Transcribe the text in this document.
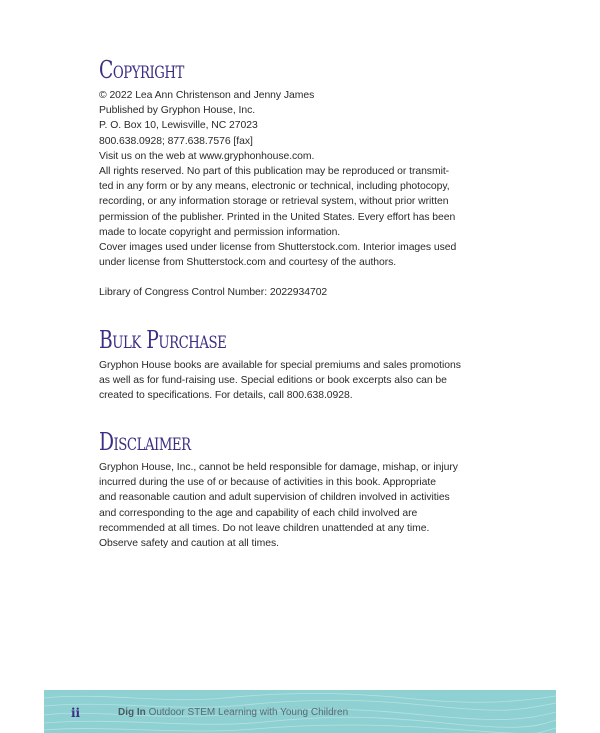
Copyright
© 2022 Lea Ann Christenson and Jenny James
Published by Gryphon House, Inc.
P. O. Box 10, Lewisville, NC 27023
800.638.0928; 877.638.7576 [fax]
Visit us on the web at www.gryphonhouse.com.
All rights reserved. No part of this publication may be reproduced or transmit-
ted in any form or by any means, electronic or technical, including photocopy,
recording, or any information storage or retrieval system, without prior written
permission of the publisher. Printed in the United States. Every effort has been
made to locate copyright and permission information.
Cover images used under license from Shutterstock.com. Interior images used
under license from Shutterstock.com and courtesy of the authors.
Library of Congress Control Number: 2022934702
Bulk Purchase
Gryphon House books are available for special premiums and sales promotions
as well as for fund-raising use. Special editions or book excerpts also can be
created to specifications. For details, call 800.638.0928.
Disclaimer
Gryphon House, Inc., cannot be held responsible for damage, mishap, or injury
incurred during the use of or because of activities in this book. Appropriate
and reasonable caution and adult supervision of children involved in activities
and corresponding to the age and capability of each child involved are
recommended at all times. Do not leave children unattended at any time.
Observe safety and caution at all times.
ii	Dig In Outdoor STEM Learning with Young Children
